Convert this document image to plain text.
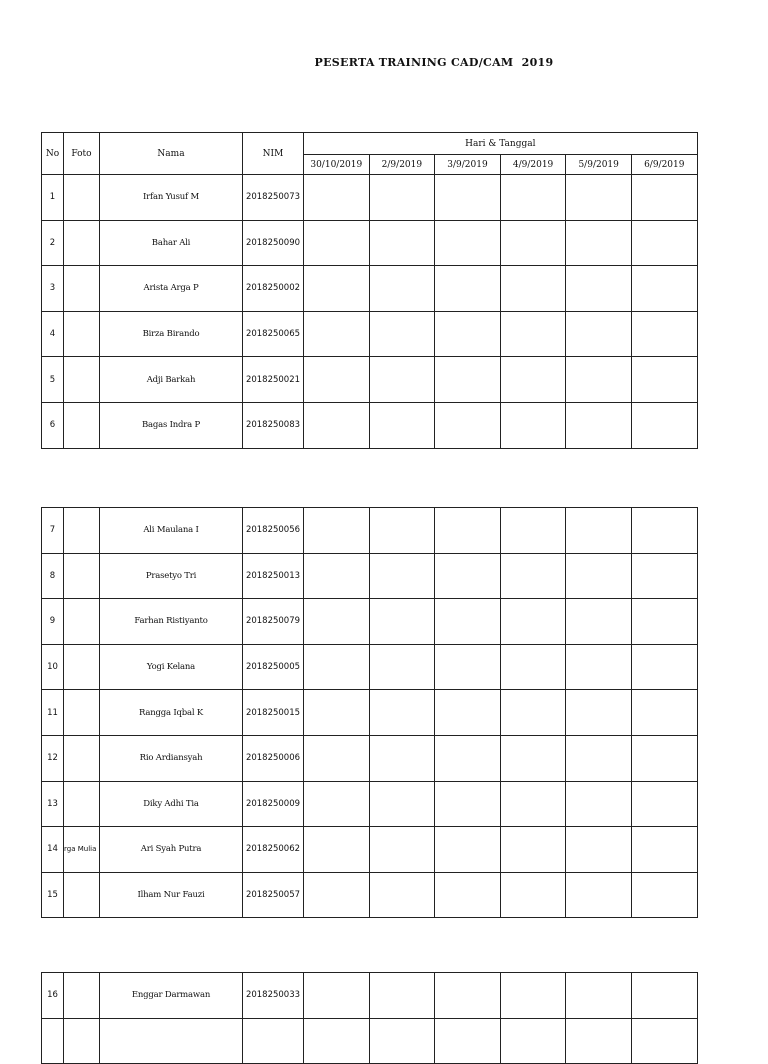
PESERTA TRAINING CAD/CAM  2019
No	Foto	Nama	NIM	Hari & Tanggal					
				30/10/2019	2/9/2019	3/9/2019	4/9/2019	5/9/2019	6/9/2019
1		Irfan Yusuf M	2018250073						
2		Bahar Ali	2018250090						
3		Arista Arga P	2018250002						
4		Birza Birando	2018250065						
5		Adji Barkah	2018250021						
6		Bagas Indra P	2018250083						
7		Ali Maulana I	2018250056						
8		Prasetyo Tri	2018250013						
9		Farhan Ristiyanto	2018250079						
10		Yogi Kelana	2018250005						
11		Rangga Iqbal K	2018250015						
12		Rio Ardiansyah	2018250006						
13		Diky Adhi Tia	2018250009						
14	rga Mulia	Ari Syah Putra	2018250062						
15		Ilham Nur Fauzi	2018250057						
16		Enggar Darmawan	2018250033						
